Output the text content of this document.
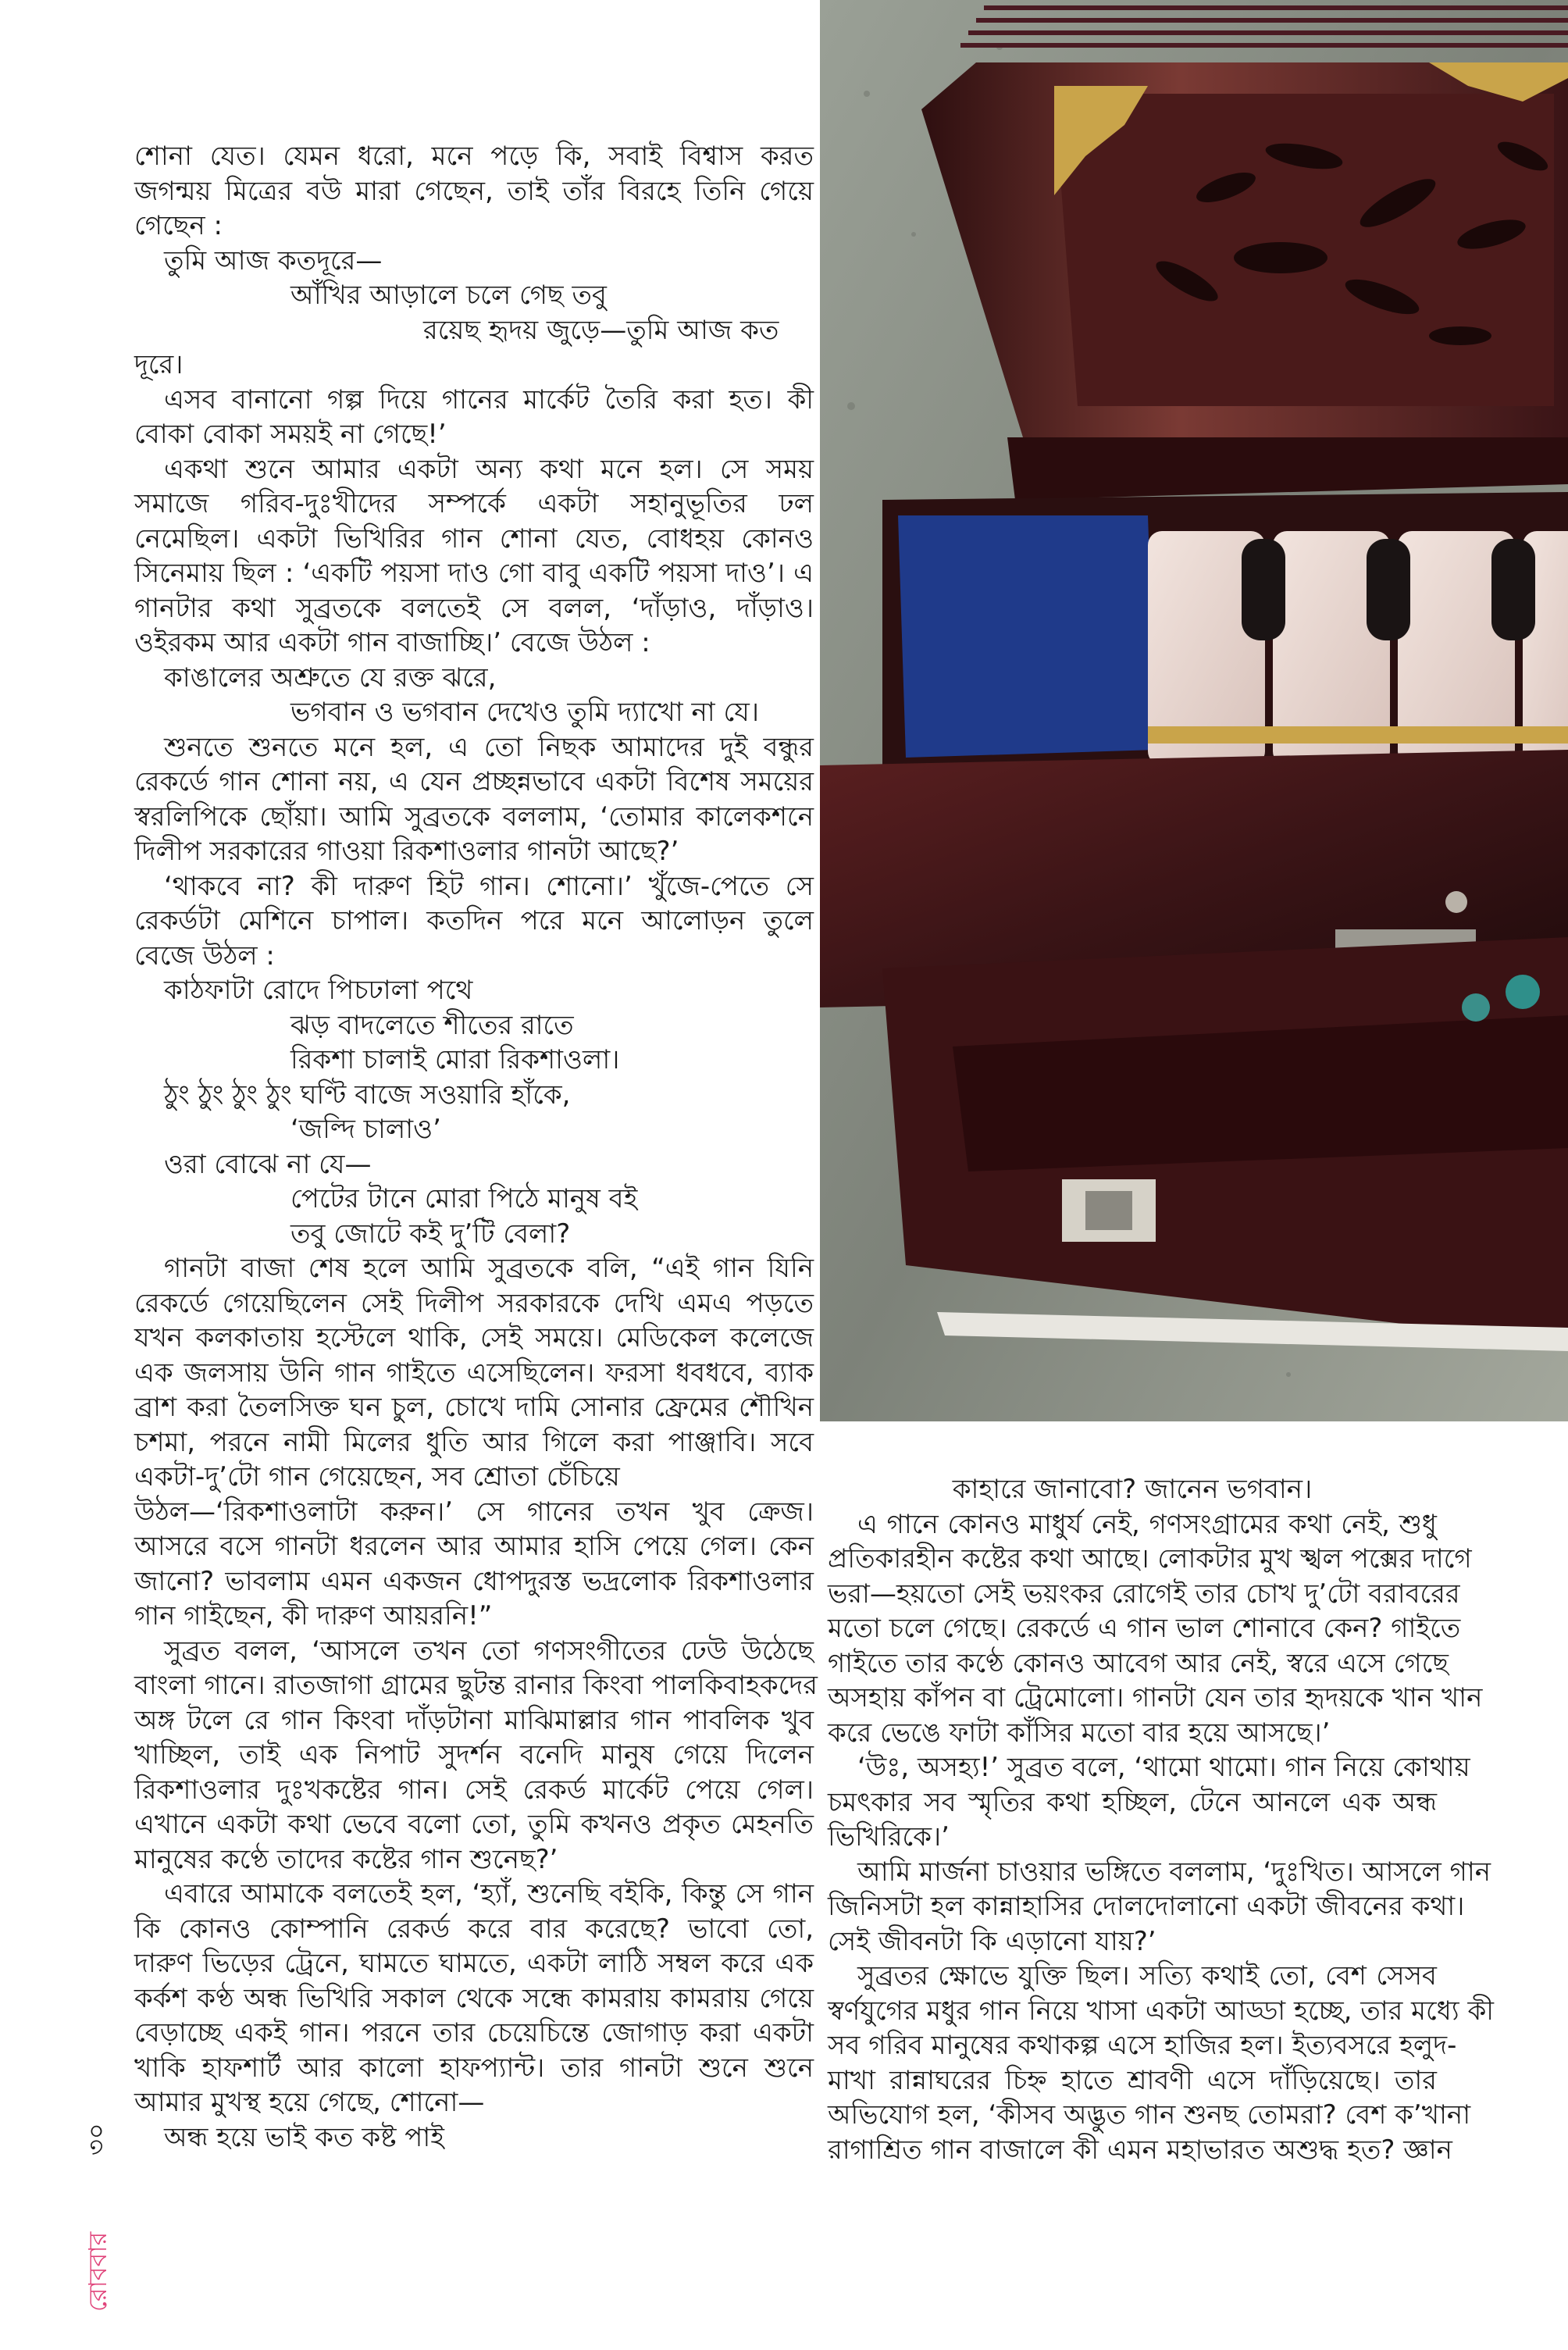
শোনা যেত। যেমন ধরো, মনে পড়ে কি, সবাই বিশ্বাস করত
জগন্ময় মিত্রের বউ মারা গেছেন, তাই তাঁর বিরহে তিনি গেয়ে
গেছেন :
তুমি আজ কতদূরে—
আঁখির আড়ালে চলে গেছ তবু
রয়েছ হৃদয় জুড়ে—তুমি আজ কত
দূরে।
এসব বানানো গল্প দিয়ে গানের মার্কেট তৈরি করা হত। কী
বোকা বোকা সময়ই না গেছে!’
একথা শুনে আমার একটা অন্য কথা মনে হল। সে সময়
সমাজে গরিব-দুঃখীদের সম্পর্কে একটা সহানুভূতির ঢল
নেমেছিল। একটা ভিখিরির গান শোনা যেত, বোধহয় কোনও
সিনেমায় ছিল : ‘একটি পয়সা দাও গো বাবু একটি পয়সা দাও’। এ
গানটার কথা সুব্রতকে বলতেই সে বলল, ‘দাঁড়াও, দাঁড়াও।
ওইরকম আর একটা গান বাজাচ্ছি।’ বেজে উঠল :
কাঙালের অশ্রুতে যে রক্ত ঝরে,
ভগবান ও ভগবান দেখেও তুমি দ্যাখো না যে।
শুনতে শুনতে মনে হল, এ তো নিছক আমাদের দুই বন্ধুর
রেকর্ডে গান শোনা নয়, এ যেন প্রচ্ছন্নভাবে একটা বিশেষ সময়ের
স্বরলিপিকে ছোঁয়া। আমি সুব্রতকে বললাম, ‘তোমার কালেকশনে
দিলীপ সরকারের গাওয়া রিকশাওলার গানটা আছে?’
‘থাকবে না? কী দারুণ হিট গান। শোনো।’ খুঁজে-পেতে সে
রেকর্ডটা মেশিনে চাপাল। কতদিন পরে মনে আলোড়ন তুলে
বেজে উঠল :
কাঠফাটা রোদে পিচঢালা পথে
ঝড় বাদলেতে শীতের রাতে
রিকশা চালাই মোরা রিকশাওলা।
ঠুং ঠুং ঠুং ঠুং ঘণ্টি বাজে সওয়ারি হাঁকে,
‘জল্দি চালাও’
ওরা বোঝে না যে—
পেটের টানে মোরা পিঠে মানুষ বই
তবু জোটে কই দু’টি বেলা?
গানটা বাজা শেষ হলে আমি সুব্রতকে বলি, “এই গান যিনি
রেকর্ডে গেয়েছিলেন সেই দিলীপ সরকারকে দেখি এমএ পড়তে
যখন কলকাতায় হস্টেলে থাকি, সেই সময়ে। মেডিকেল কলেজে
এক জলসায় উনি গান গাইতে এসেছিলেন। ফরসা ধবধবে, ব্যাক
ব্রাশ করা তৈলসিক্ত ঘন চুল, চোখে দামি সোনার ফ্রেমের শৌখিন
চশমা, পরনে নামী মিলের ধুতি আর গিলে করা পাঞ্জাবি। সবে
একটা-দু’টো গান গেয়েছেন, সব শ্রোতা চেঁচিয়ে
উঠল—‘রিকশাওলাটা করুন।’ সে গানের তখন খুব ক্রেজ।
আসরে বসে গানটা ধরলেন আর আমার হাসি পেয়ে গেল। কেন
জানো? ভাবলাম এমন একজন ধোপদুরস্ত ভদ্রলোক রিকশাওলার
গান গাইছেন, কী দারুণ আয়রনি!”
সুব্রত বলল, ‘আসলে তখন তো গণসংগীতের ঢেউ উঠেছে
বাংলা গানে। রাতজাগা গ্রামের ছুটন্ত রানার কিংবা পালকিবাহকদের
অঙ্গ টলে রে গান কিংবা দাঁড়টানা মাঝিমাল্লার গান পাবলিক খুব
খাচ্ছিল, তাই এক নিপাট সুদর্শন বনেদি মানুষ গেয়ে দিলেন
রিকশাওলার দুঃখকষ্টের গান। সেই রেকর্ড মার্কেট পেয়ে গেল।
এখানে একটা কথা ভেবে বলো তো, তুমি কখনও প্রকৃত মেহনতি
মানুষের কণ্ঠে তাদের কষ্টের গান শুনেছ?’
এবারে আমাকে বলতেই হল, ‘হ্যাঁ, শুনেছি বইকি, কিন্তু সে গান
কি কোনও কোম্পানি রেকর্ড করে বার করেছে? ভাবো তো,
দারুণ ভিড়ের ট্রেনে, ঘামতে ঘামতে, একটা লাঠি সম্বল করে এক
কর্কশ কণ্ঠ অন্ধ ভিখিরি সকাল থেকে সন্ধে কামরায় কামরায় গেয়ে
বেড়াচ্ছে একই গান। পরনে তার চেয়েচিন্তে জোগাড় করা একটা
খাকি হাফশার্ট আর কালো হাফপ্যান্ট। তার গানটা শুনে শুনে
আমার মুখস্থ হয়ে গেছে, শোনো—
অন্ধ হয়ে ভাই কত কষ্ট পাই
কাহারে জানাবো? জানেন ভগবান।
এ গানে কোনও মাধুর্য নেই, গণসংগ্রামের কথা নেই, শুধু
প্রতিকারহীন কষ্টের কথা আছে। লোকটার মুখ স্খল পক্সের দাগে
ভরা—হয়তো সেই ভয়ংকর রোগেই তার চোখ দু’টো বরাবরের
মতো চলে গেছে। রেকর্ডে এ গান ভাল শোনাবে কেন? গাইতে
গাইতে তার কণ্ঠে কোনও আবেগ আর নেই, স্বরে এসে গেছে
অসহায় কাঁপন বা ট্রেমোলো। গানটা যেন তার হৃদয়কে খান খান
করে ভেঙে ফাটা কাঁসির মতো বার হয়ে আসছে।’
‘উঃ, অসহ্য!’ সুব্রত বলে, ‘থামো থামো। গান নিয়ে কোথায়
চমৎকার সব স্মৃতির কথা হচ্ছিল, টেনে আনলে এক অন্ধ
ভিখিরিকে।’
আমি মার্জনা চাওয়ার ভঙ্গিতে বললাম, ‘দুঃখিত। আসলে গান
জিনিসটা হল কান্নাহাসির দোলদোলানো একটা জীবনের কথা।
সেই জীবনটা কি এড়ানো যায়?’
সুব্রতর ক্ষোভে যুক্তি ছিল। সত্যি কথাই তো, বেশ সেসব
স্বর্ণযুগের মধুর গান নিয়ে খাসা একটা আড্ডা হচ্ছে, তার মধ্যে কী
সব গরিব মানুষের কথাকল্প এসে হাজির হল। ইত্যবসরে হলুদ-
মাখা রান্নাঘরের চিহ্ন হাতে শ্রাবণী এসে দাঁড়িয়েছে। তার
অভিযোগ হল, ‘কীসব অদ্ভুত গান শুনছ তোমরা? বেশ ক’খানা
রাগাশ্রিত গান বাজালে কী এমন মহাভারত অশুদ্ধ হত? জ্ঞান
৩০
রোববার
